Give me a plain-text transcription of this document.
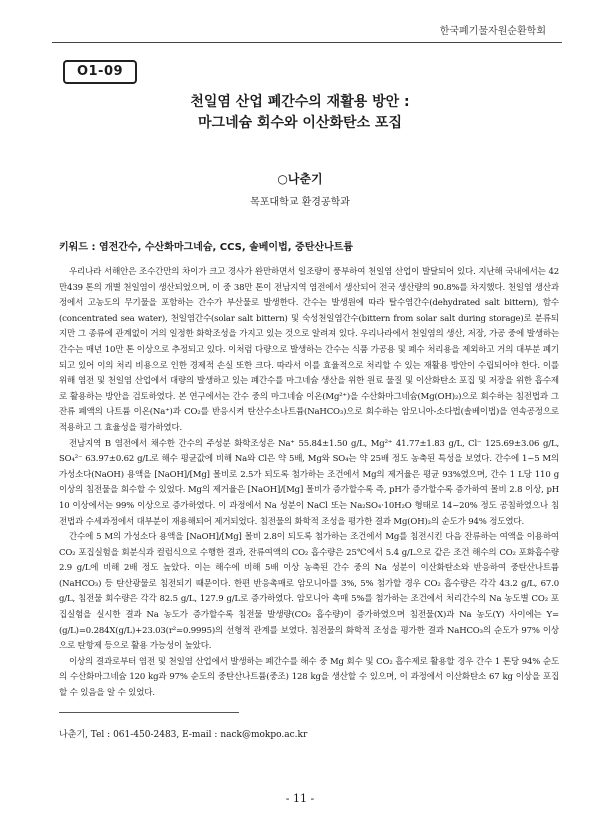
한국폐기물자원순환학회
O1-09
천일염 산업 폐간수의 재활용 방안 :
마그네슘 회수와 이산화탄소 포집
○나춘기
목포대학교 환경공학과
키워드 : 염전간수, 수산화마그네슘, CCS, 솔베이법, 중탄산나트륨

우리나라 서해안은 조수간만의 차이가 크고 경사가 완만하면서 일조량이 풍부하여 천일염 산업이 발달되어 있다. 지난해 국내에서는 42만439 톤의 개별 천일염이 생산되었으며, 이 중 38만 톤이 전남지역 염전에서 생산되어 전국 생산량의 90.8%를 차지했다. 천일염 생산과정에서 고농도의 무기물을 포함하는 간수가 부산물로 발생한다. 간수는 발생원에 따라 탈수염간수(dehydrated salt bittern), 함수(concentrated sea water), 천일염간수(solar salt bittern) 및 숙성천일염간수(bittern from solar salt during storage)로 분류되지만 그 종류에 관계없이 거의 일정한 화학조성을 가지고 있는 것으로 알려져 있다. 우리나라에서 천일염의 생산, 저장, 가공 중에 발생하는 간수는 매년 10만 톤 이상으로 추정되고 있다. 이처럼 다량으로 발생하는 간수는 식품 가공용 및 폐수 처리용을 제외하고 거의 대부분 폐기되고 있어 이의 처리 비용으로 인한 경제적 손실 또한 크다. 따라서 이를 효율적으로 처리할 수 있는 재활용 방안이 수립되어야 한다. 이를 위해 염전 및 천일염 산업에서 대량의 발생하고 있는 폐간수를 마그네슘 생산을 위한 원료 물질 및 이산화탄소 포집 및 저장을 위한 흡수제로 활용하는 방안을 검토하였다. 본 연구에서는 간수 중의 마그네슘 이온(Mg²⁺)을 수산화마그네슘(Mg(OH)₂)으로 회수하는 침전법과 그 잔류 폐액의 나트륨 이온(Na⁺)과 CO₂를 반응시켜 탄산수소나트륨(NaHCO₃)으로 회수하는 암모니아-소다법(솔베이법)을 연속공정으로 적용하고 그 효율성을 평가하였다.

전남지역 B 염전에서 채수한 간수의 주성분 화학조성은 Na⁺ 55.84±1.50 g/L, Mg²⁺ 41.77±1.83 g/L, Cl⁻ 125.69±3.06 g/L, SO₄²⁻ 63.97±0.62 g/L로 해수 평균값에 비해 Na와 Cl은 약 5배, Mg와 SO₄는 약 25배 정도 농축된 특성을 보였다. 간수에 1~5 M의 가성소다(NaOH) 용액을 [NaOH]/[Mg] 몰비로 2.5가 되도록 첨가하는 조건에서 Mg의 제거율은 평균 93%였으며, 간수 1 L당 110 g 이상의 침전물을 회수할 수 있었다. Mg의 제거율은 [NaOH]/[Mg] 몰비가 증가할수록 즉, pH가 증가할수록 증가하여 몰비 2.8 이상, pH 10 이상에서는 99% 이상으로 증가하였다. 이 과정에서 Na 성분이 NaCl 또는 Na₂SO₄·10H₂O 형태로 14~20% 정도 공침하였으나 침전법과 수세과정에서 대부분이 재용해되어 제거되었다. 침전물의 화학적 조성을 평가한 결과 Mg(OH)₂의 순도가 94% 정도였다.

간수에 5 M의 가성소다 용액을 [NaOH]/[Mg] 몰비 2.8이 되도록 첨가하는 조건에서 Mg를 침전시킨 다음 잔류하는 여액을 이용하여 CO₂ 포집실험을 회분식과 컬럼식으로 수행한 결과, 잔류여액의 CO₂ 흡수량은 25℃에서 5.4 g/L으로 같은 조건 해수의 CO₂ 포화흡수량 2.9 g/L에 비해 2배 정도 높았다. 이는 해수에 비해 5배 이상 농축된 간수 중의 Na 성분이 이산화탄소와 반응하여 중탄산나트륨(NaHCO₃) 등 탄산광물로 침전되기 때문이다. 한편 반응촉매로 암모니아를 3%, 5% 첨가할 경우 CO₂ 흡수량은 각각 43.2 g/L, 67.0 g/L, 침전물 회수량은 각각 82.5 g/L, 127.9 g/L로 증가하였다. 암모니아 촉매 5%를 첨가하는 조건에서 처리간수의 Na 농도별 CO₂ 포집실험을 실시한 결과 Na 농도가 증가할수록 침전물 발생량(CO₂ 흡수량)이 증가하였으며 침전물(X)과 Na 농도(Y) 사이에는 Y=(g/L)=0.284X(g/L)+23.03(r²=0.9995)의 선형적 관계를 보였다. 침전물의 화학적 조성을 평가한 결과 NaHCO₃의 순도가 97% 이상으로 탄항제 등으로 활용 가능성이 높았다.

이상의 결과로부터 염전 및 천일염 산업에서 발생하는 폐간수를 해수 중 Mg 회수 및 CO₂ 흡수제로 활용할 경우 간수 1 톤당 94% 순도의 수산화마그네슘 120 kg과 97% 순도의 중탄산나트륨(중조) 128 kg을 생산할 수 있으며, 이 과정에서 이산화탄소 67 kg 이상을 포집할 수 있음을 알 수 있었다.

나춘기, Tel : 061-450-2483, E-mail : nack@mokpo.ac.kr
- 11 -
